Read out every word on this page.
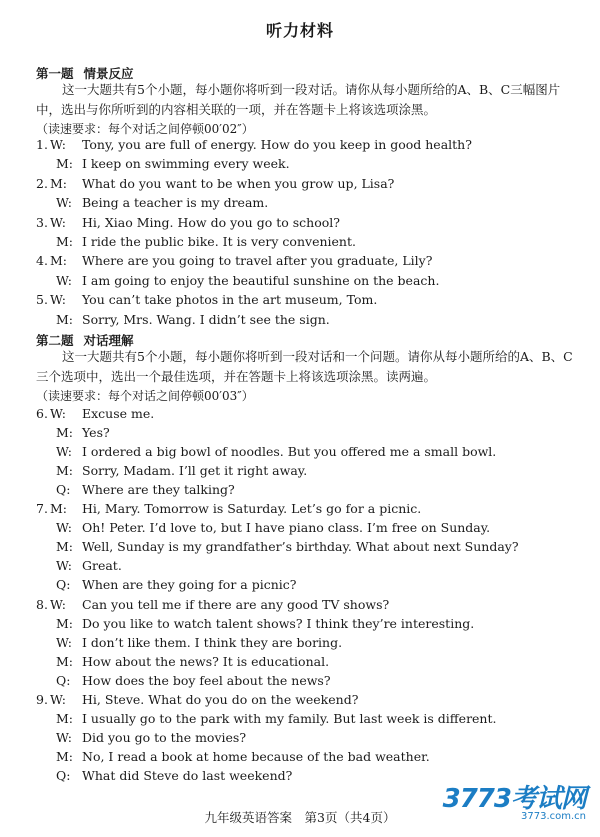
听力材料
第一题 情景反应
这一大题共有5个小题，每小题你将听到一段对话。请你从每小题所给的A、B、C三幅图片中，选出与你所听到的内容相关联的一项，并在答题卡上将该选项涂黑。
（读速要求：每个对话之间停顿00′02″）
1. W: Tony, you are full of energy. How do you keep in good health?
M: I keep on swimming every week.
2. M: What do you want to be when you grow up, Lisa?
W: Being a teacher is my dream.
3. W: Hi, Xiao Ming. How do you go to school?
M: I ride the public bike. It is very convenient.
4. M: Where are you going to travel after you graduate, Lily?
W: I am going to enjoy the beautiful sunshine on the beach.
5. W: You can’t take photos in the art museum, Tom.
M: Sorry, Mrs. Wang. I didn’t see the sign.
第二题 对话理解
这一大题共有5个小题，每小题你将听到一段对话和一个问题。请你从每小题所给的A、B、C三个选项中，选出一个最佳选项，并在答题卡上将该选项涂黑。读两遍。
（读速要求：每个对话之间停顿00′03″）
6. W: Excuse me.
M: Yes?
W: I ordered a big bowl of noodles. But you offered me a small bowl.
M: Sorry, Madam. I’ll get it right away.
Q: Where are they talking?
7. M: Hi, Mary. Tomorrow is Saturday. Let’s go for a picnic.
W: Oh! Peter. I’d love to, but I have piano class. I’m free on Sunday.
M: Well, Sunday is my grandfather’s birthday. What about next Sunday?
W: Great.
Q: When are they going for a picnic?
8. W: Can you tell me if there are any good TV shows?
M: Do you like to watch talent shows? I think they’re interesting.
W: I don’t like them. I think they are boring.
M: How about the news? It is educational.
Q: How does the boy feel about the news?
9. W: Hi, Steve. What do you do on the weekend?
M: I usually go to the park with my family. But last week is different.
W: Did you go to the movies?
M: No, I read a book at home because of the bad weather.
Q: What did Steve do last weekend?
九年级英语答案　第3页（共4页）
3773考试网
3773.com.cn
